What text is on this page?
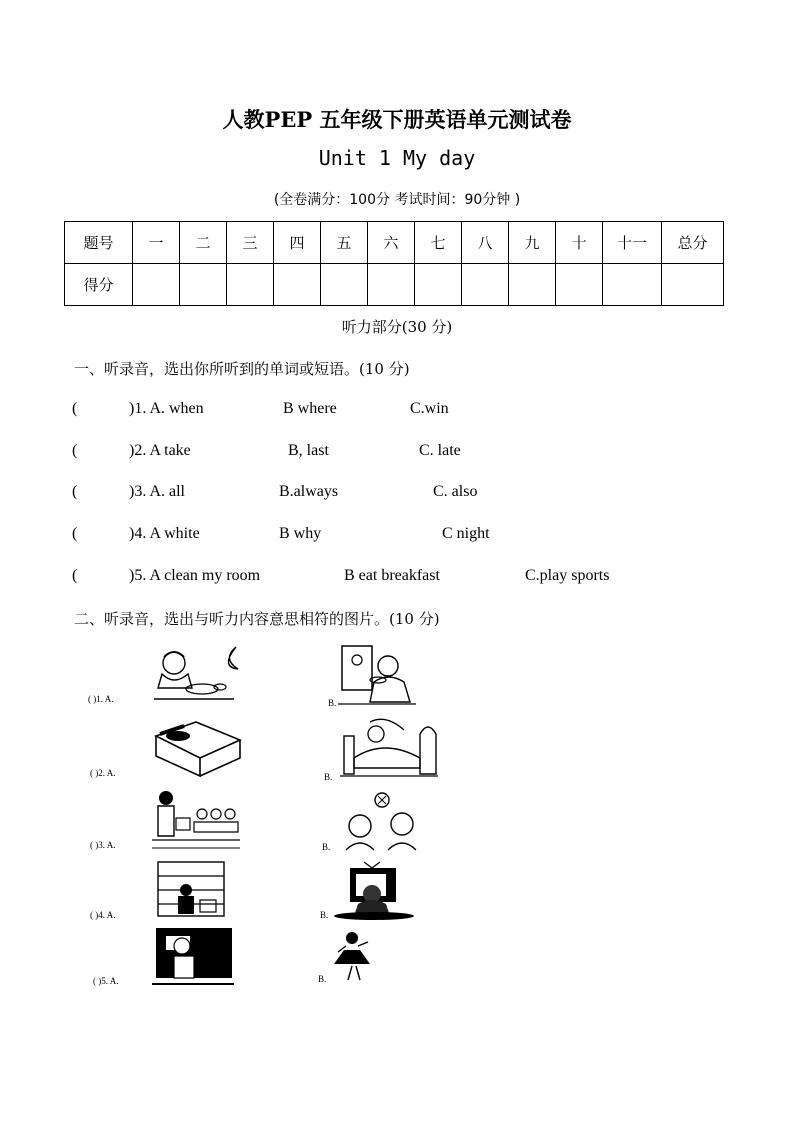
人教PEP 五年级下册英语单元测试卷
Unit 1 My day
(全卷满分：100分 考试时间：90分钟 )
题号	一	二	三	四	五	六	七	八	九	十	十一	总分
得分												
听力部分(30 分)
一、听录音，选出你所听到的单词或短语。(10 分)
(	)1. A. when	B where	C.win
(	)2. A take	B, last	C. late
(	)3. A. all	B.always	C. also
(	)4. A white	B why	C night
(	)5. A clean my room	B eat breakfast	C.play sports
二、听录音，选出与听力内容意思相符的图片。(10 分)
( )1. A.	B.
( )2. A.	B.
( )3. A.	B.
( )4. A.	B.
( )5. A.	B.
